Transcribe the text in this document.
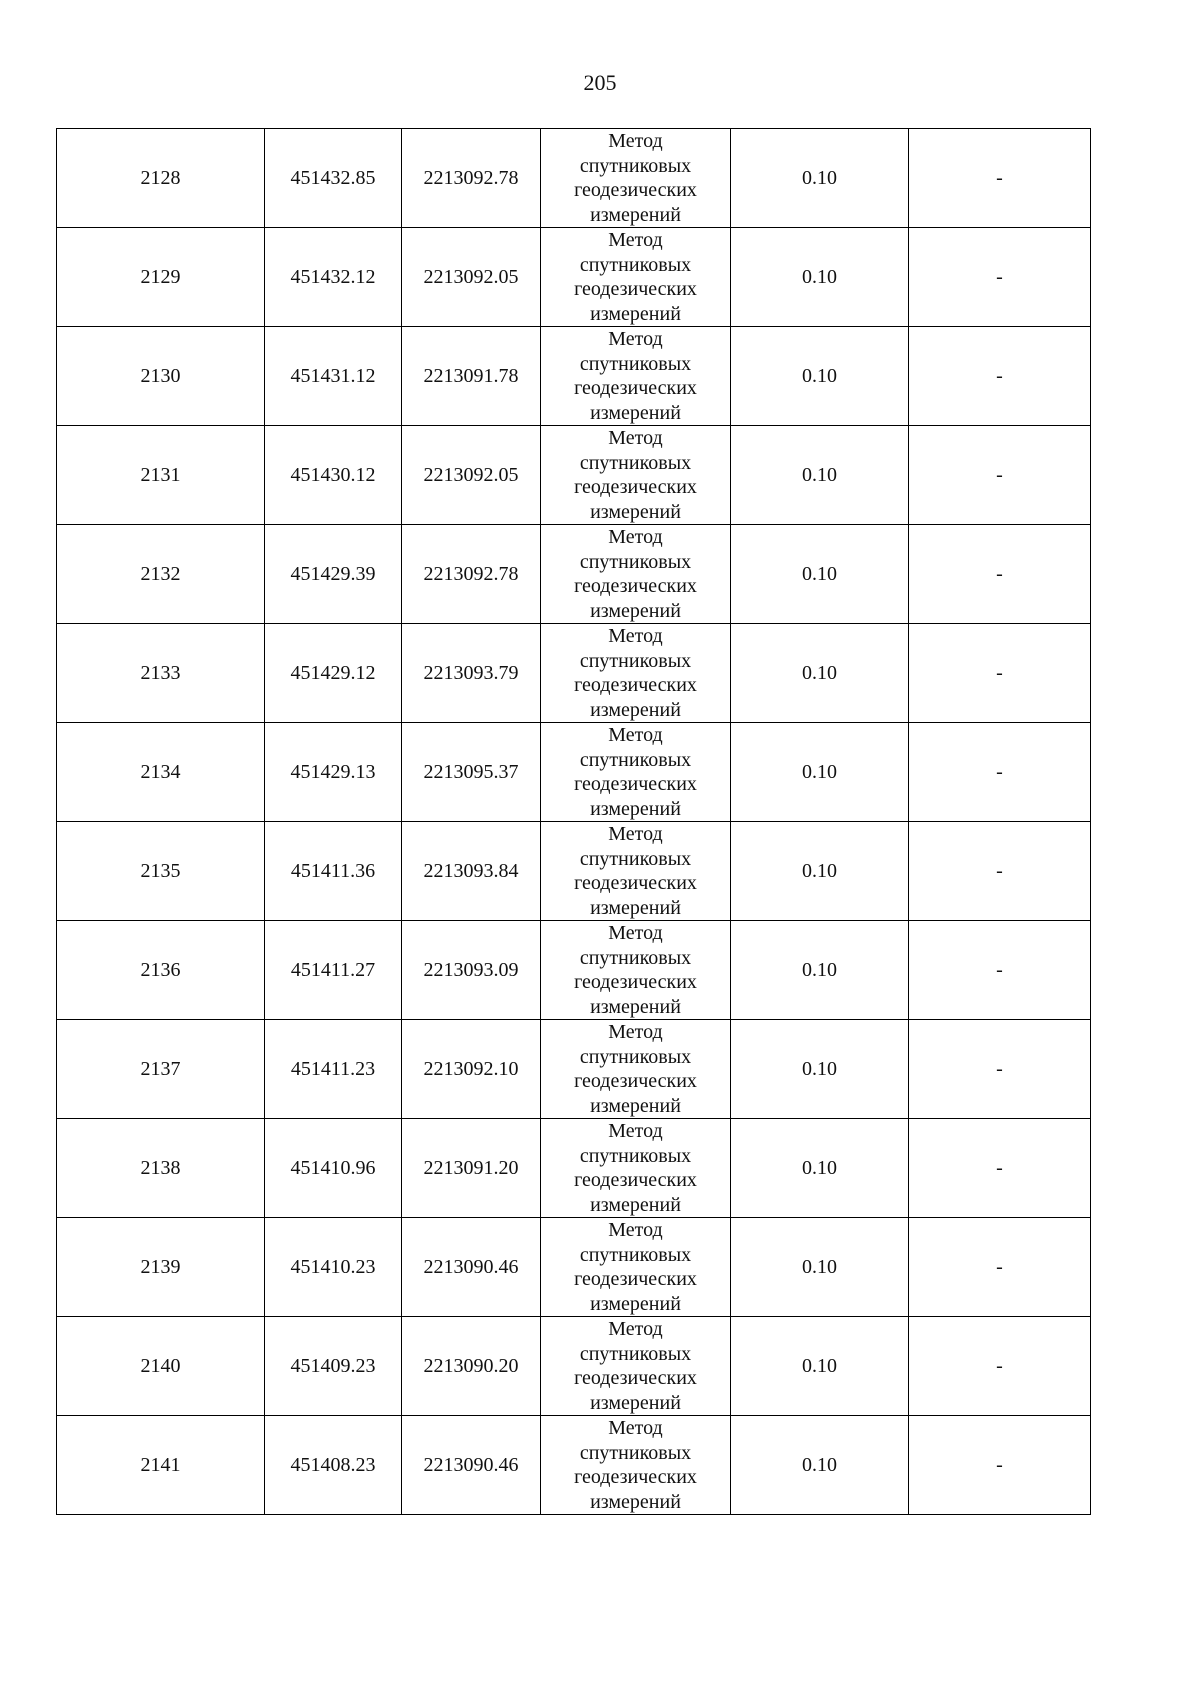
205
2128	451432.85	2213092.78	Метод
спутниковых
геодезических
измерений	0.10	-
2129	451432.12	2213092.05	Метод
спутниковых
геодезических
измерений	0.10	-
2130	451431.12	2213091.78	Метод
спутниковых
геодезических
измерений	0.10	-
2131	451430.12	2213092.05	Метод
спутниковых
геодезических
измерений	0.10	-
2132	451429.39	2213092.78	Метод
спутниковых
геодезических
измерений	0.10	-
2133	451429.12	2213093.79	Метод
спутниковых
геодезических
измерений	0.10	-
2134	451429.13	2213095.37	Метод
спутниковых
геодезических
измерений	0.10	-
2135	451411.36	2213093.84	Метод
спутниковых
геодезических
измерений	0.10	-
2136	451411.27	2213093.09	Метод
спутниковых
геодезических
измерений	0.10	-
2137	451411.23	2213092.10	Метод
спутниковых
геодезических
измерений	0.10	-
2138	451410.96	2213091.20	Метод
спутниковых
геодезических
измерений	0.10	-
2139	451410.23	2213090.46	Метод
спутниковых
геодезических
измерений	0.10	-
2140	451409.23	2213090.20	Метод
спутниковых
геодезических
измерений	0.10	-
2141	451408.23	2213090.46	Метод
спутниковых
геодезических
измерений	0.10	-
